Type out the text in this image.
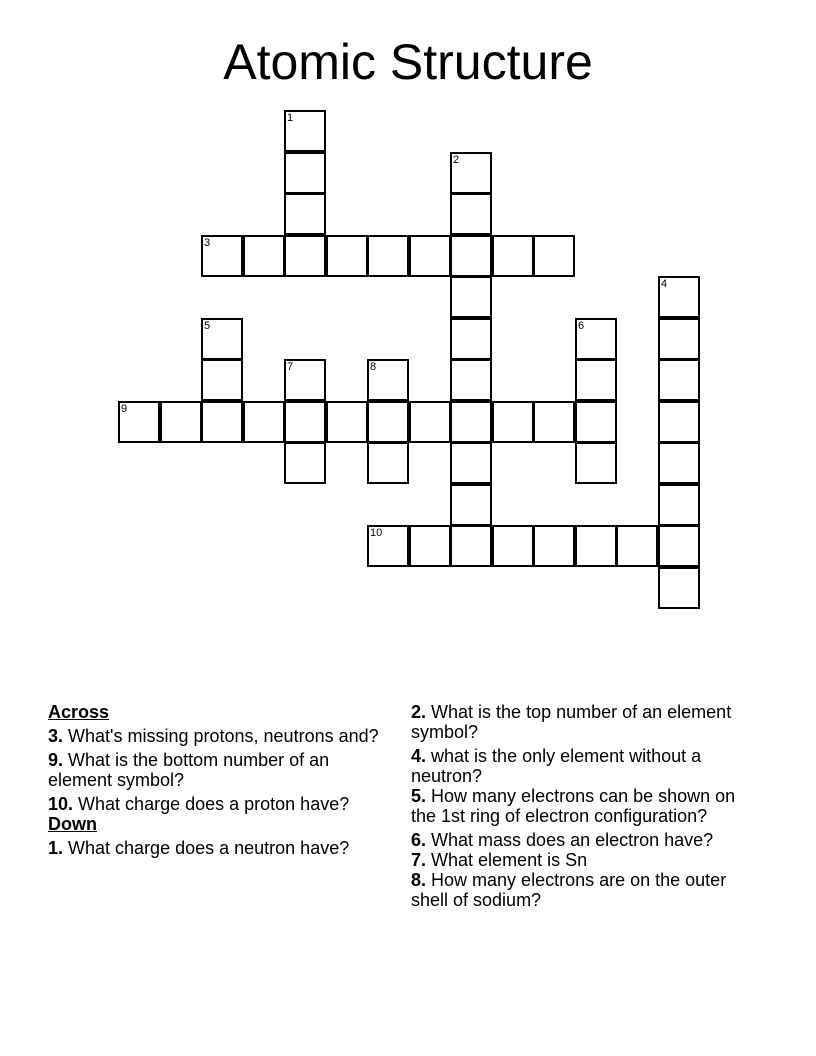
Atomic Structure
1
2
3
4
5	6
7	8
9
10
Across
3. What's missing protons, neutrons and?
9. What is the bottom number of an element symbol?
10. What charge does a proton have?
Down
1. What charge does a neutron have?
2. What is the top number of an element symbol?
4. what is the only element without a neutron?
5. How many electrons can be shown on the 1st ring of electron configuration?
6. What mass does an electron have?
7. What element is Sn
8. How many electrons are on the outer shell of sodium?
